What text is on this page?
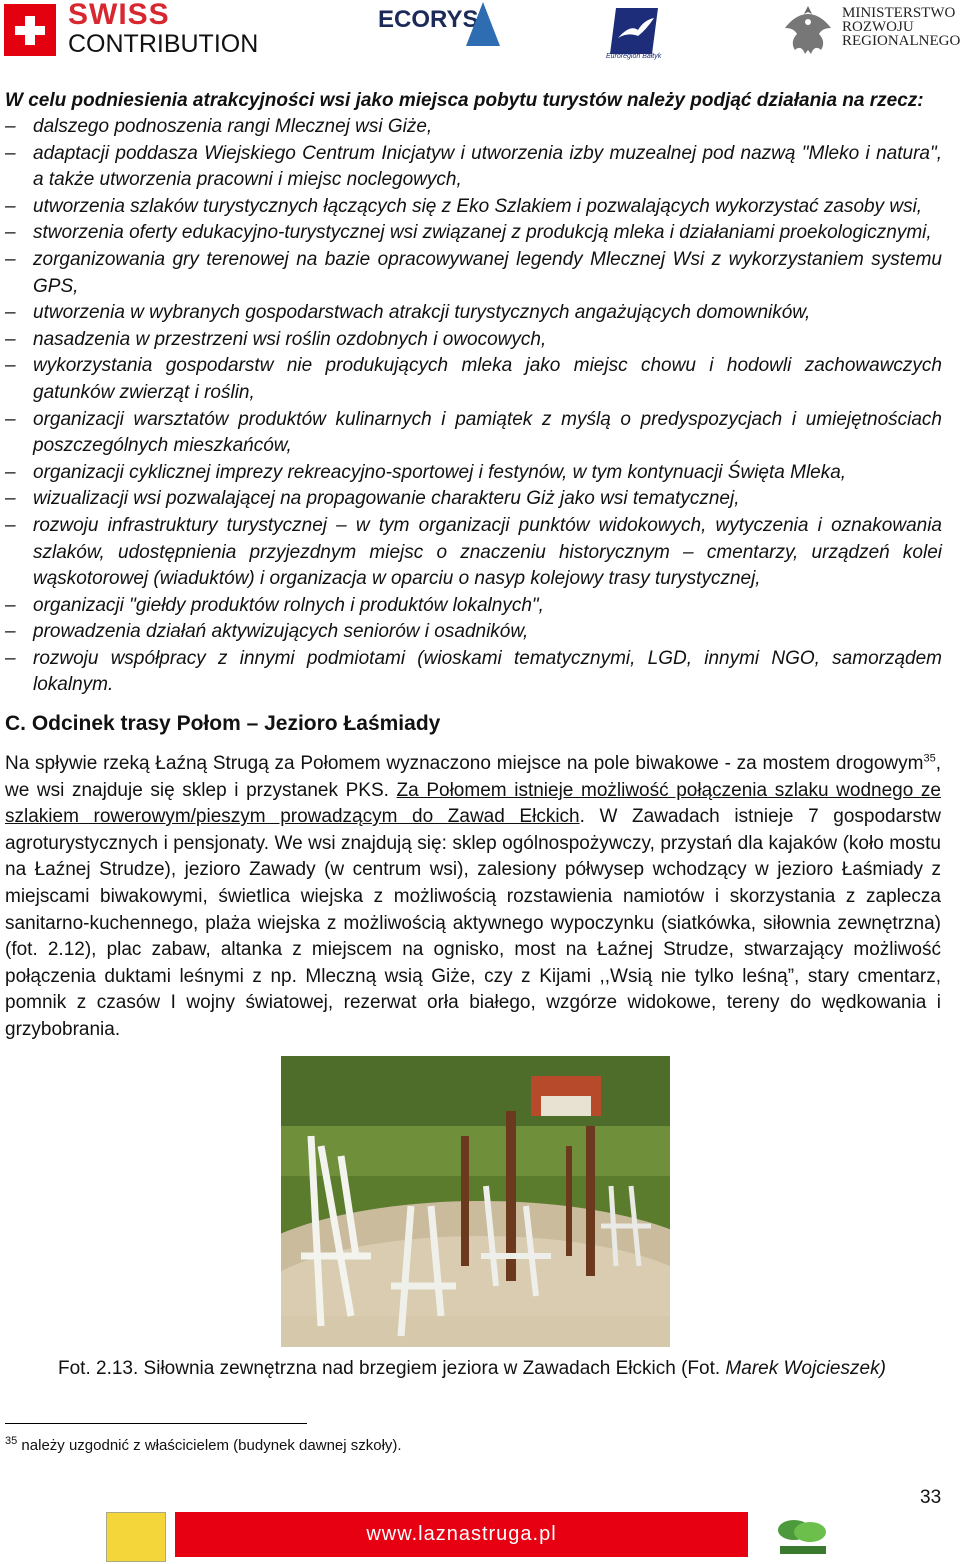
SWISS
CONTRIBUTION
ECORYS
Euroregion Bałtyk
MINISTERSTWO
ROZWOJU
REGIONALNEGO
W celu podniesienia atrakcyjności wsi jako miejsca pobytu turystów należy podjąć działania na rzecz:
– dalszego podnoszenia rangi Mlecznej wsi Giże,
– adaptacji poddasza Wiejskiego Centrum Inicjatyw i utworzenia izby muzealnej pod nazwą "Mleko i natura", a także utworzenia pracowni i miejsc noclegowych,
– utworzenia szlaków turystycznych łączących się z Eko Szlakiem i pozwalających wykorzystać zasoby wsi,
– stworzenia oferty edukacyjno-turystycznej wsi związanej z produkcją mleka i działaniami proekologicznymi,
– zorganizowania gry terenowej na bazie opracowywanej legendy Mlecznej Wsi z wykorzystaniem systemu GPS,
– utworzenia w wybranych gospodarstwach atrakcji turystycznych angażujących domowników,
– nasadzenia w przestrzeni wsi roślin ozdobnych i owocowych,
– wykorzystania gospodarstw nie produkujących mleka jako miejsc chowu i hodowli zachowawczych gatunków zwierząt i roślin,
– organizacji warsztatów produktów kulinarnych i pamiątek z myślą o predyspozycjach i umiejętnościach poszczególnych mieszkańców,
– organizacji cyklicznej imprezy rekreacyjno-sportowej i festynów, w tym kontynuacji Święta Mleka,
– wizualizacji wsi pozwalającej na propagowanie charakteru Giż jako wsi tematycznej,
– rozwoju infrastruktury turystycznej – w tym organizacji punktów widokowych, wytyczenia i oznakowania szlaków, udostępnienia przyjezdnym miejsc o znaczeniu historycznym – cmentarzy, urządzeń kolei wąskotorowej (wiaduktów) i organizacja w oparciu o nasyp kolejowy trasy turystycznej,
– organizacji "giełdy produktów rolnych i produktów lokalnych",
– prowadzenia działań aktywizujących seniorów i osadników,
– rozwoju współpracy z innymi podmiotami (wioskami tematycznymi, LGD, innymi NGO, samorządem lokalnym.
C. Odcinek trasy Połom – Jezioro Łaśmiady
Na spływie rzeką Łaźną Strugą za Połomem wyznaczono miejsce na pole biwakowe - za mostem drogowym$^{35}$, we wsi znajduje się sklep i przystanek PKS. Za Połomem istnieje możliwość połączenia szlaku wodnego ze szlakiem rowerowym/pieszym prowadzącym do Zawad Ełckich. W Zawadach istnieje 7 gospodarstw agroturystycznych i pensjonaty. We wsi znajdują się: sklep ogólnospożywczy, przystań dla kajaków (koło mostu na Łaźnej Strudze), jezioro Zawady (w centrum wsi), zalesiony półwysep wchodzący w jezioro Łaśmiady z miejscami biwakowymi, świetlica wiejska z możliwością rozstawienia namiotów i skorzystania z zaplecza sanitarno-kuchennego, plaża wiejska z możliwością aktywnego wypoczynku (siatkówka, siłownia zewnętrzna) (fot. 2.12), plac zabaw, altanka z miejscem na ognisko, most na Łaźnej Strudze, stwarzający możliwość połączenia duktami leśnymi z np. Mleczną wsią Giże, czy z Kijami ,,Wsią nie tylko leśną”, stary cmentarz, pomnik z czasów I wojny światowej, rezerwat orła białego, wzgórze widokowe, tereny do wędkowania i grzybobrania.
Fot. 2.13. Siłownia zewnętrzna nad brzegiem jeziora w Zawadach Ełckich (Fot. Marek Wojcieszek)
$^{35}$ należy uzgodnić z właścicielem (budynek dawnej szkoły).
33
www.laznastruga.pl
